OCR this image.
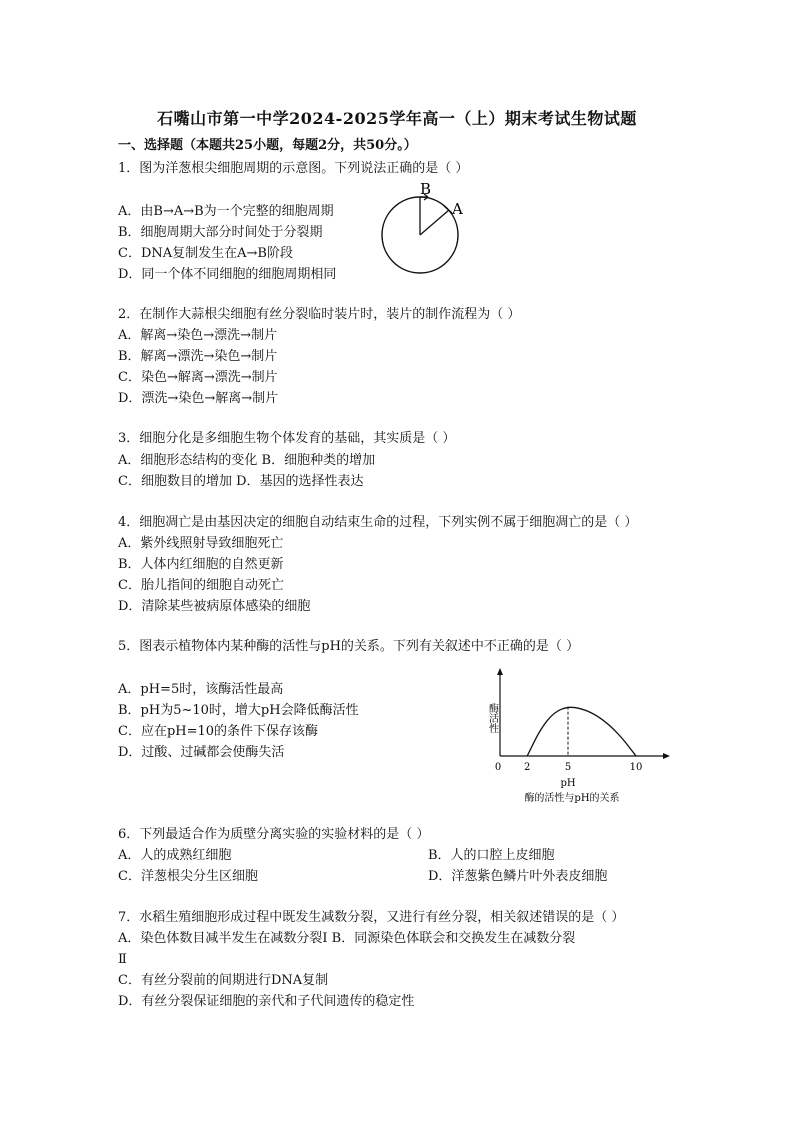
石嘴山市第一中学2024-2025学年高一（上）期末考试生物试题
一、选择题（本题共25小题，每题2分，共50分。）
1．图为洋葱根尖细胞周期的示意图。下列说法正确的是（ ）
A．由B→A→B为一个完整的细胞周期
B．细胞周期大部分时间处于分裂期
C．DNA复制发生在A→B阶段
D．同一个体不同细胞的细胞周期相同
B
A
2．在制作大蒜根尖细胞有丝分裂临时装片时，装片的制作流程为（ ）
A．解离→染色→漂洗→制片
B．解离→漂洗→染色→制片
C．染色→解离→漂洗→制片
D．漂洗→染色→解离→制片
3．细胞分化是多细胞生物个体发育的基础，其实质是（ ）
A．细胞形态结构的变化 B．细胞种类的增加
C．细胞数目的增加 D．基因的选择性表达
4．细胞凋亡是由基因决定的细胞自动结束生命的过程，下列实例不属于细胞凋亡的是（ ）
A．紫外线照射导致细胞死亡
B．人体内红细胞的自然更新
C．胎儿指间的细胞自动死亡
D．清除某些被病原体感染的细胞
5．图表示植物体内某种酶的活性与pH的关系。下列有关叙述中不正确的是（ ）
A．pH=5时，该酶活性最高
B．pH为5~10时，增大pH会降低酶活性
C．应在pH=10的条件下保存该酶
D．过酸、过碱都会使酶失活
酶活性
0 2	5	10
pH
酶的活性与pH的关系
6．下列最适合作为质壁分离实验的实验材料的是（ ）
A．人的成熟红细胞	B．人的口腔上皮细胞
C．洋葱根尖分生区细胞	D．洋葱紫色鳞片叶外表皮细胞
7．水稻生殖细胞形成过程中既发生减数分裂，又进行有丝分裂，相关叙述错误的是（ ）
A．染色体数目减半发生在减数分裂Ⅰ B．同源染色体联会和交换发生在减数分裂
Ⅱ
C．有丝分裂前的间期进行DNA复制
D．有丝分裂保证细胞的亲代和子代间遗传的稳定性
